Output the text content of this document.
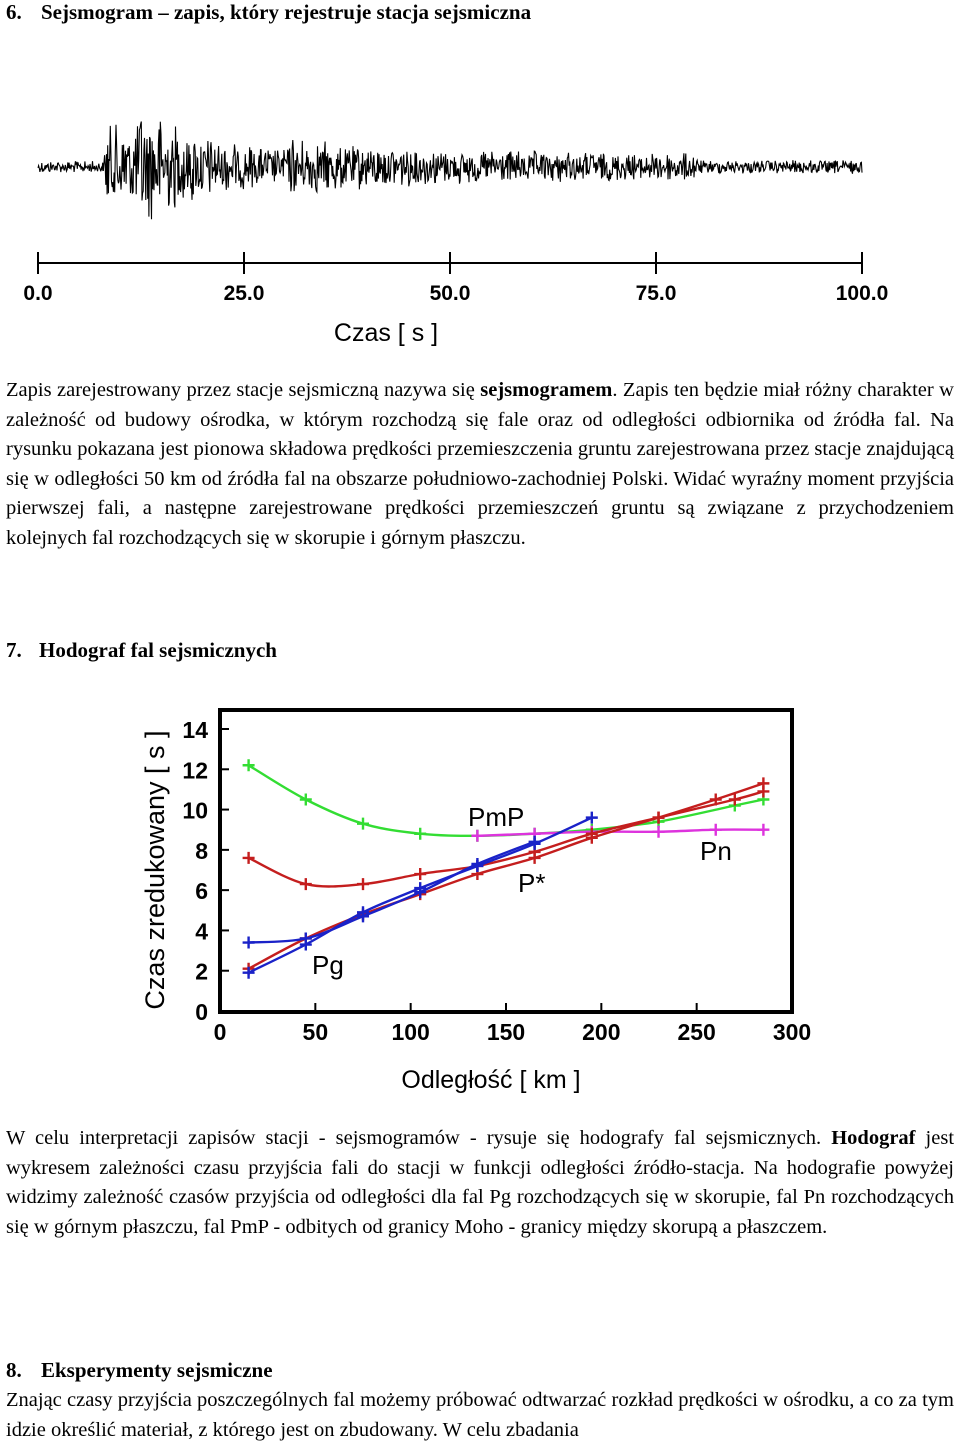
6. Sejsmogram – zapis, który rejestruje stacja sejsmiczna
0.0	25.0	50.0	75.0	100.0
Czas [ s ]
Zapis zarejestrowany przez stacje sejsmiczną nazywa się sejsmogramem. Zapis ten będzie miał różny charakter w zależność od budowy ośrodka, w którym rozchodzą się fale oraz od odległości odbiornika od źródła fal. Na rysunku pokazana jest pionowa składowa prędkości przemieszczenia gruntu zarejestrowana przez stacje znajdującą się w odległości 50 km od źródła fal na obszarze południowo-zachodniej Polski. Widać wyraźny moment przyjścia pierwszej fali, a następne zarejestrowane prędkości przemieszczeń gruntu są związane z przychodzeniem kolejnych fal rozchodzących się w skorupie i górnym płaszczu.
7. Hodograf fal sejsmicznych
0
2
4
6
8
10
12
14
0	50	100 150 200 250 300
Czas zredukowany [ s ]
Odległość [ km ]
PmP
Pn
P*
Pg
W celu interpretacji zapisów stacji - sejsmogramów - rysuje się hodografy fal sejsmicznych. Hodograf jest wykresem zależności czasu przyjścia fali do stacji w funkcji odległości źródło-stacja. Na hodografie powyżej widzimy zależność czasów przyjścia od odległości dla fal Pg rozchodzących się w skorupie, fal Pn rozchodzących się w górnym płaszczu, fal PmP - odbitych od granicy Moho - granicy między skorupą a płaszczem.
8. Eksperymenty sejsmiczne
Znając czasy przyjścia poszczególnych fal możemy próbować odtwarzać rozkład prędkości w ośrodku, a co za tym idzie określić materiał, z którego jest on zbudowany. W celu zbadania
